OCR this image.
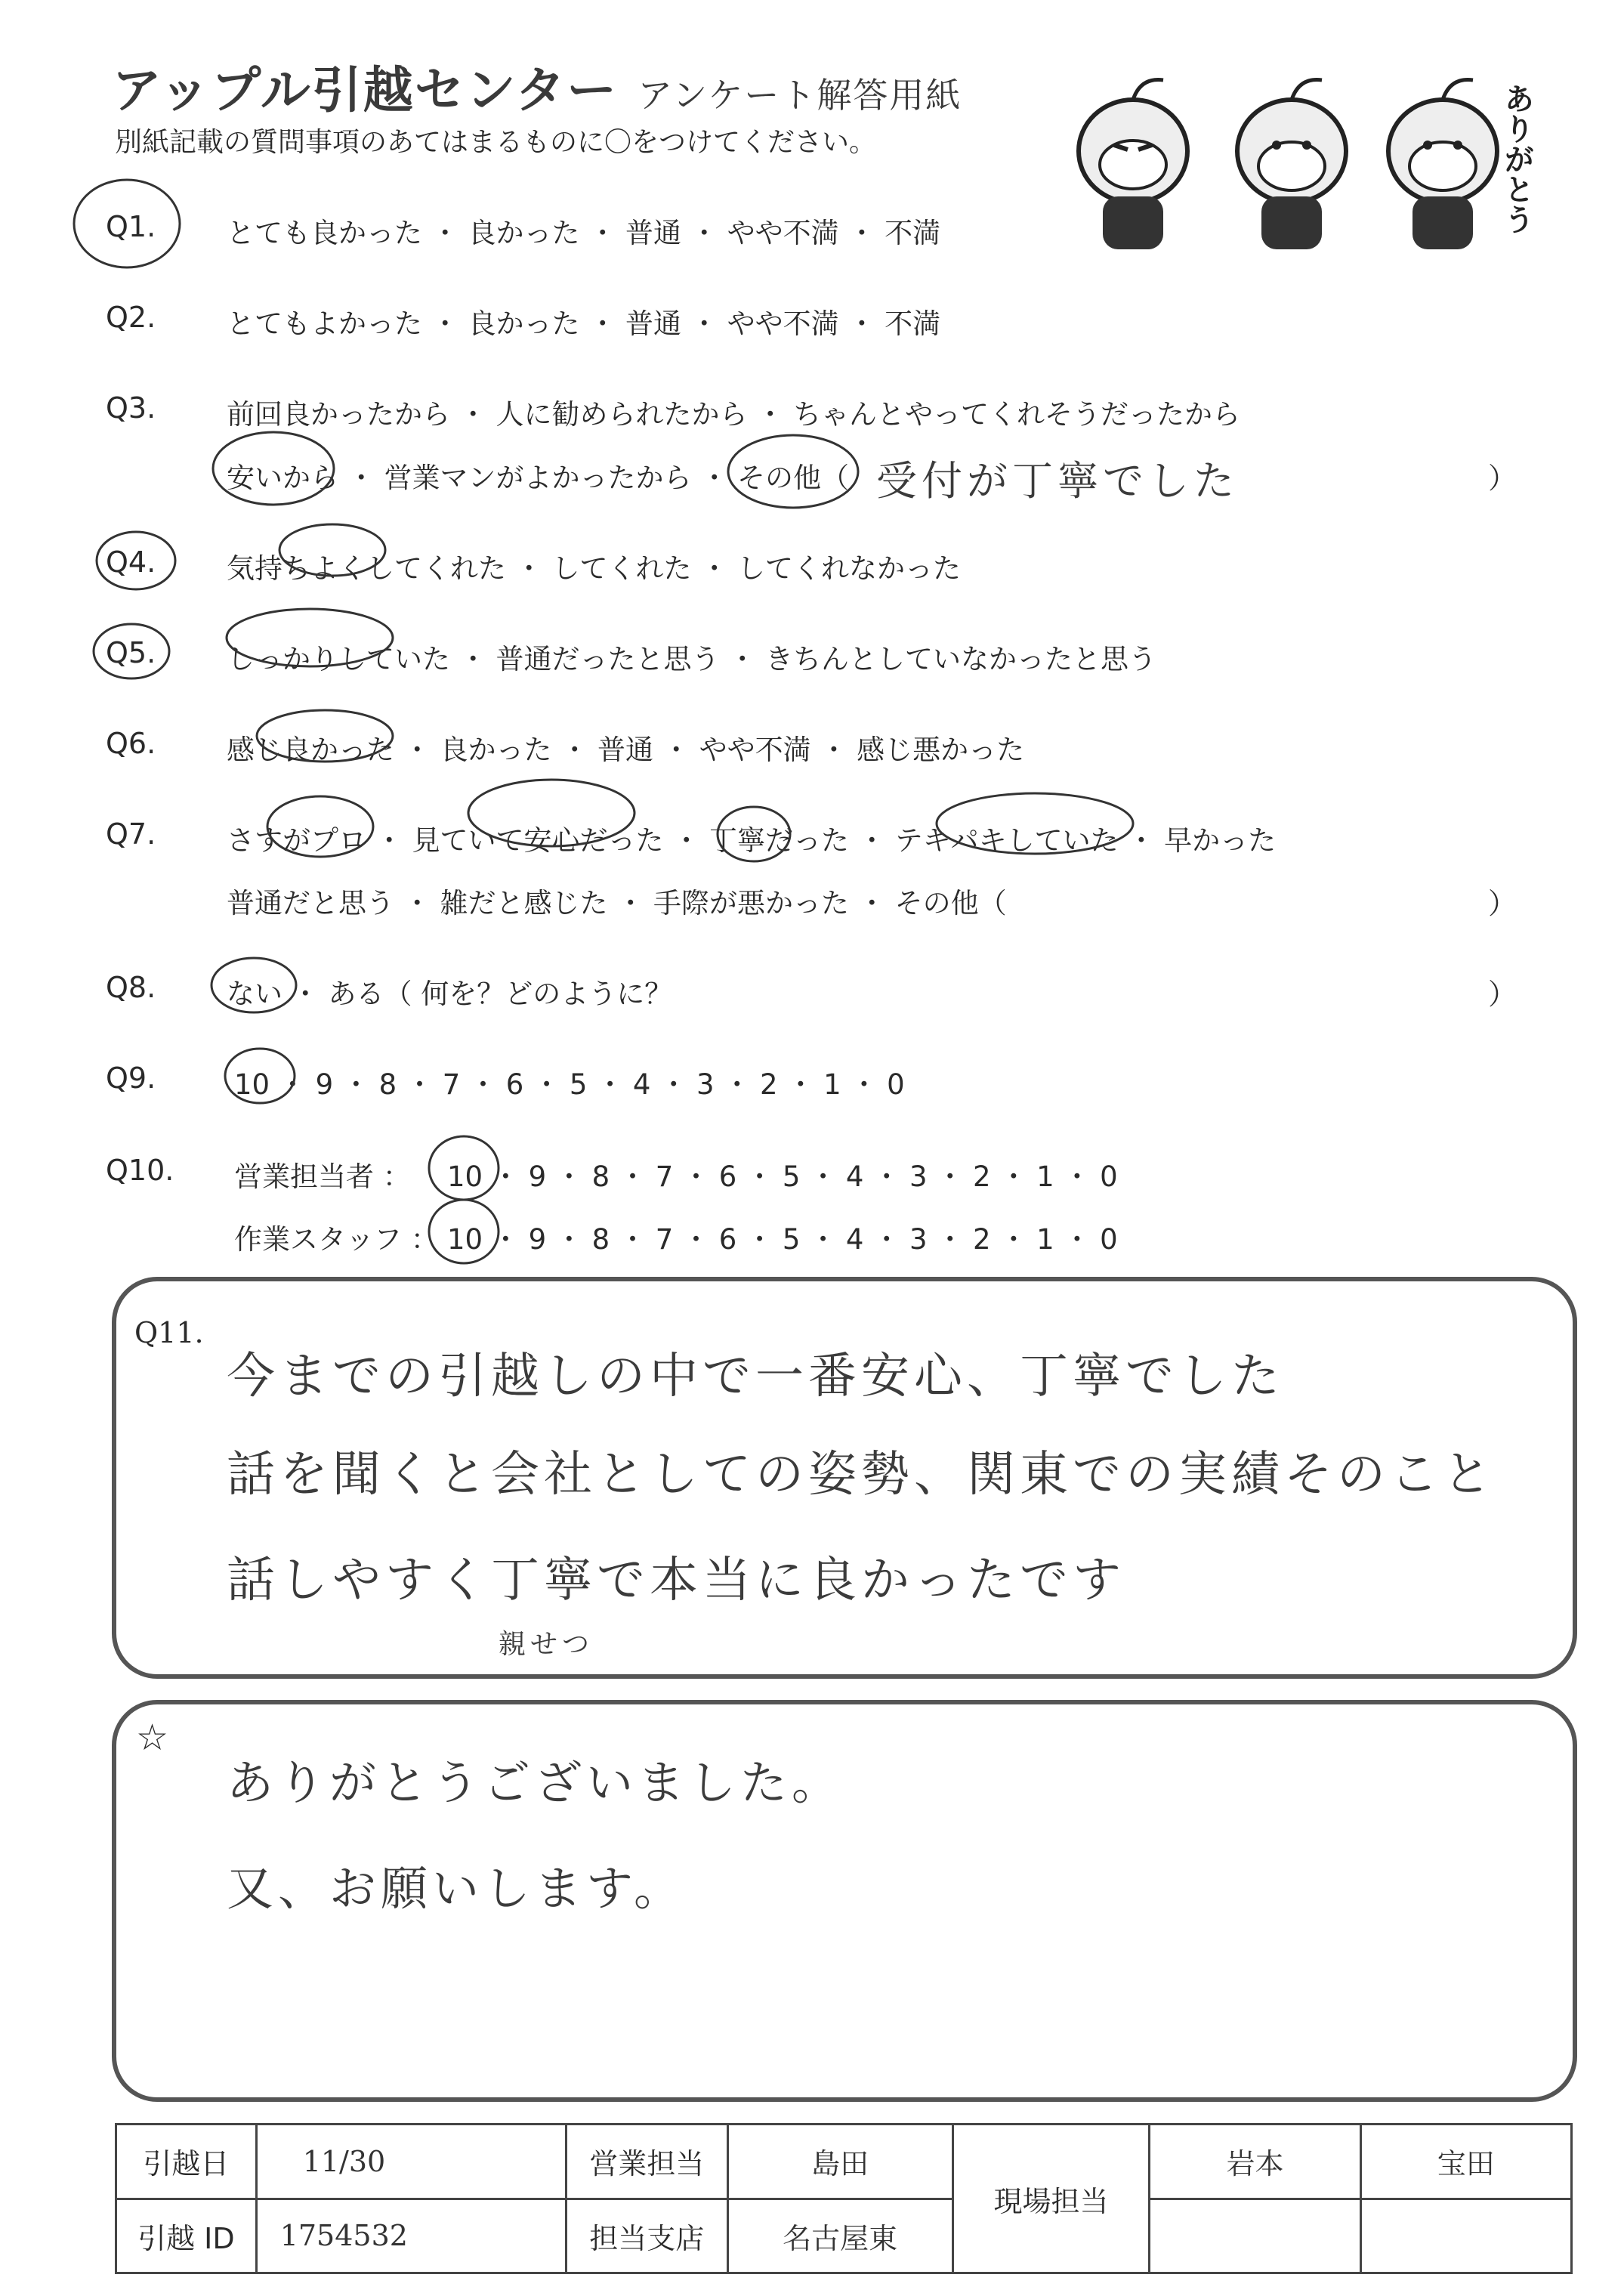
アップル引越センター アンケート解答用紙
別紙記載の質問事項のあてはまるものに〇をつけてください。	ありがとう
Q1.	とても良かった ・ 良かった ・ 普通 ・ やや不満 ・ 不満
Q2.	とてもよかった ・ 良かった ・ 普通 ・ やや不満 ・ 不満
Q3.	前回良かったから ・ 人に勧められたから ・ ちゃんとやってくれそうだったから
安いから ・ 営業マンがよかったから ・ その他（ 受付が丁寧でした	）
Q4.	気持ちよくしてくれた ・ してくれた ・ してくれなかった
Q5.	しっかりしていた ・ 普通だったと思う ・ きちんとしていなかったと思う
Q6.	感じ良かった ・ 良かった ・ 普通 ・ やや不満 ・ 感じ悪かった
Q7.	さすがプロ ・ 見ていて安心だった ・ 丁寧だった ・ テキパキしていた ・ 早かった
普通だと思う ・ 雑だと感じた ・ 手際が悪かった ・ その他（	）
Q8.	ない ・ ある（ 何を？どのように？	）
Q9.	10 ・ 9 ・ 8 ・ 7 ・ 6 ・ 5 ・ 4 ・ 3 ・ 2 ・ 1 ・ 0
Q10. 営業担当者 ： 10 ・ 9 ・ 8 ・ 7 ・ 6 ・ 5 ・ 4 ・ 3 ・ 2 ・ 1 ・ 0
作業スタッフ ： 10 ・ 9 ・ 8 ・ 7 ・ 6 ・ 5 ・ 4 ・ 3 ・ 2 ・ 1 ・ 0
Q11.
今までの引越しの中で一番安心、丁寧でした
話を聞くと会社としての姿勢、関東での実績そのこと
話しやすく丁寧で本当に良かったです
親せつ
☆
ありがとうございました。
又、お願いします。
引越日	11/30	営業担当	島田	現場担当	岩本	宝田
引越 ID	1754532	担当支店	名古屋東			
